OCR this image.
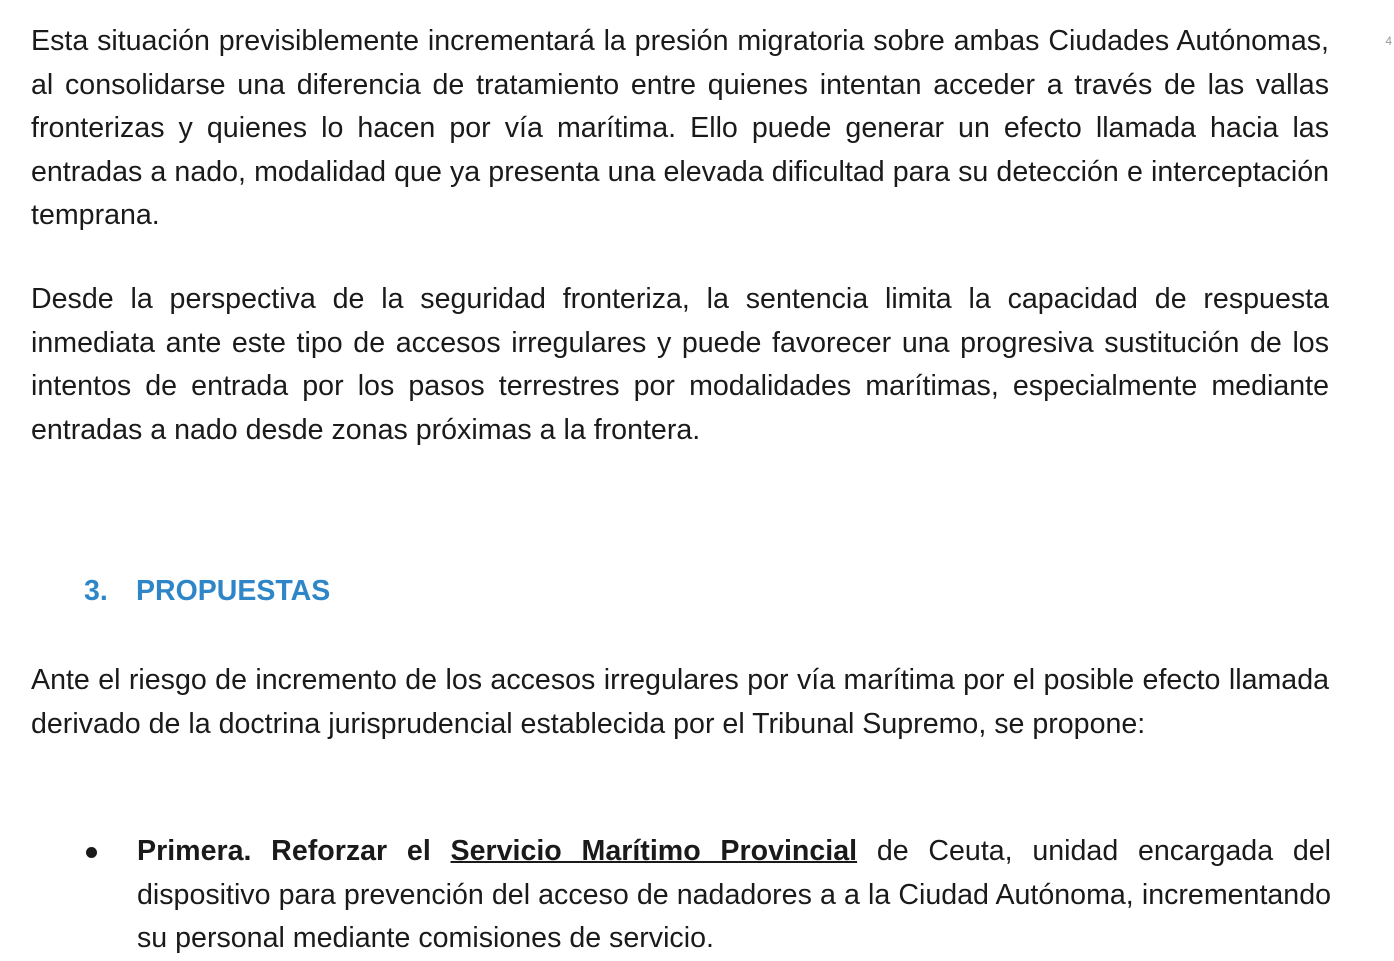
Esta situación previsiblemente incrementará la presión migratoria sobre ambas Ciudades Autónomas, al consolidarse una diferencia de tratamiento entre quienes intentan acceder a través de las vallas fronterizas y quienes lo hacen por vía marítima. Ello puede generar un efecto llamada hacia las entradas a nado, modalidad que ya presenta una elevada dificultad para su detección e interceptación temprana.

Desde la perspectiva de la seguridad fronteriza, la sentencia limita la capacidad de respuesta inmediata ante este tipo de accesos irregulares y puede favorecer una progresiva sustitución de los intentos de entrada por los pasos terrestres por modalidades marítimas, especialmente mediante entradas a nado desde zonas próximas a la frontera.

3. PROPUESTAS

Ante el riesgo de incremento de los accesos irregulares por vía marítima por el posible efecto llamada derivado de la doctrina jurisprudencial establecida por el Tribunal Supremo, se propone:

Primera. Reforzar el Servicio Marítimo Provincial de Ceuta, unidad encargada del dispositivo para prevención del acceso de nadadores a a la Ciudad Autónoma, incrementando su personal mediante comisiones de servicio.

4
